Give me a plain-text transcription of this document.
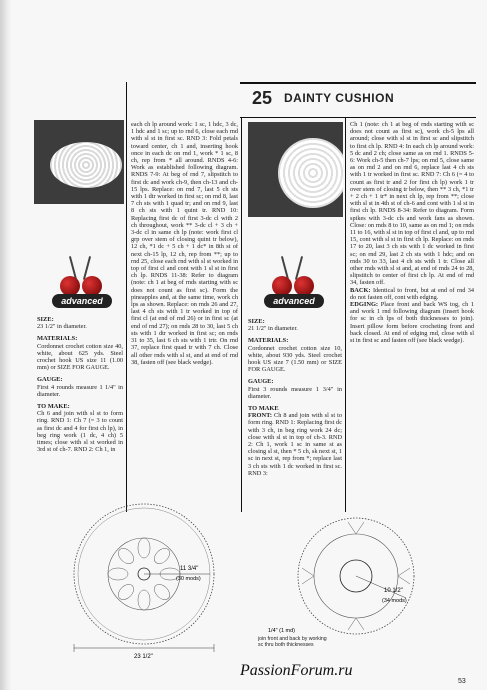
25 DAINTY CUSHION
advanced	advanced

SIZE:

23 1/2" in diameter.

MATERIALS:

Cordonnet crochet cotton size 40, white, about 625 yds. Steel crochet hook US size 11 (1.00 mm) or SIZE FOR GAUGE.

GAUGE:

First 4 rounds measure 1 1/4" in diameter.

TO MAKE:

Ch 6 and join with sl st to form ring. RND 1: Ch 7 (= 3 to count as first dc and 4 for first ch lp), in beg ring work (1 dc, 4 ch) 5 times; close with sl st worked in 3rd st of ch-7. RND 2: Ch 1, in

each ch lp around work: 1 sc, 1 hdc, 3 dc, 1 hdc and 1 sc; up to rnd 6, close each rnd with sl st in first sc. RND 3: Fold petals toward center, ch 1 and, inserting hook once in each dc on rnd 1, work * 1 sc, 8 ch, rep from * all around. RNDS 4-6: Work as established following diagram. RNDS 7-9: At beg of rnd 7, slipstitch to first dc and work ch-9, then ch-13 and ch-15 lps. Replace: on rnd 7, last 5 ch sts with 1 dtr worked in first sc; on rnd 8, last 7 ch sts with 1 quad tr; and on rnd 9, last 8 ch sts with 1 quint tr. RND 10: Replacing first dc of first 3-dc cl with 2 ch throughout, work ** 3-dc cl + 3 ch + 3-dc cl in same ch lp (note: work first cl grp over stem of closing quint tr below), 12 ch, *1 dc + 5 ch + 1 dc* in 8th st of next ch-15 lp, 12 ch, rep from **; up to rnd 25, close each rnd with sl st worked in top of first cl and cont with 1 sl st in first ch lp. RNDS 11-38: Refer to diagram (note: ch 1 at beg of rnds starting with sc does not count as first sc). Form the pineapples and, at the same time, work ch lps as shown. Replace: on rnds 26 and 27, last 4 ch sts with 1 tr worked in top of first cl (at end of rnd 26) or in first sc (at end of rnd 27); on rnds 28 to 30, last 5 ch sts with 1 dtr worked in first sc; on rnds 31 to 35, last 6 ch sts with 1 trtr. On rnd 37, replace first quad tr with 7 ch. Close all other rnds with sl st, and at end of rnd 38, fasten off (see black wedge).

SIZE:

21 1/2" in diameter.

MATERIALS:

Cordonnet crochet cotton size 10, white, about 930 yds. Steel crochet hook US size 7 (1.50 mm) or SIZE FOR GAUGE.

GAUGE:

First 3 rounds measure 1 3/4" in diameter.

TO MAKE

FRONT: Ch 8 and join with sl st to form ring. RND 1: Replacing first dc with 3 ch, in beg ring work 24 dc; close with sl st in top of ch-3. RND 2: Ch 1, work 1 sc in same st as closing sl st, then * 5 ch, sk next st, 1 sc in next st, rep from *; replace last 3 ch sts with 1 dc worked in first sc. RND 3:

Ch 1 (note: ch 1 at beg of rnds starting with sc does not count as first sc), work ch-5 lps all around; close with sl st in first sc and slipstitch to first ch lp. RND 4: In each ch lp around work: 5 dc and 2 ch; close same as on rnd 1. RNDS 5-6: Work ch-5 then ch-7 lps; on rnd 5, close same as on rnd 2 and on rnd 6, replace last 4 ch sts with 1 tr worked in first sc. RND 7: Ch 6 (= 4 to count as first tr and 2 for first ch lp) work 1 tr over stem of closing tr below, then ** 3 ch, *1 tr + 2 ch + 1 tr* in next ch lp, rep from **; close with sl st in 4th st of ch-6 and cont with 1 sl st in first ch lp. RNDS 8-34: Refer to diagram. Form spikes with 3-dc cls and work fans as shown. Close: on rnds 8 to 10, same as on rnd 1; on rnds 11 to 16, with sl st in top of first cl and, up to rnd 15, cont with sl st in first ch lp. Replace: on rnds 17 to 20, last 3 ch sts with 1 dc worked in first sc; on rnd 29, last 2 ch sts with 1 hdc; and on rnds 30 to 33, last 4 ch sts with 1 tr. Close all other rnds with sl st and, at end of rnds 24 to 28, slipstitch to center of first ch lp. At end of rnd 34, fasten off.

BACK: Identical to front, but at end of rnd 34 do not fasten off, cont with edging.

EDGING: Place front and back WS tog, ch 1 and work 1 rnd following diagram (insert hook for sc in ch lps of both thicknesses to join). Insert pillow form before crocheting front and back closed. At end of edging rnd, close with sl st in first sc and fasten off (see black wedge).

11 3/4"
(30 mods)
23 1/2"
10 1/2"
(34 mods)
1/4" (1 md)
join front and back by working sc thru both thicknesses
PassionForum.ru
53
